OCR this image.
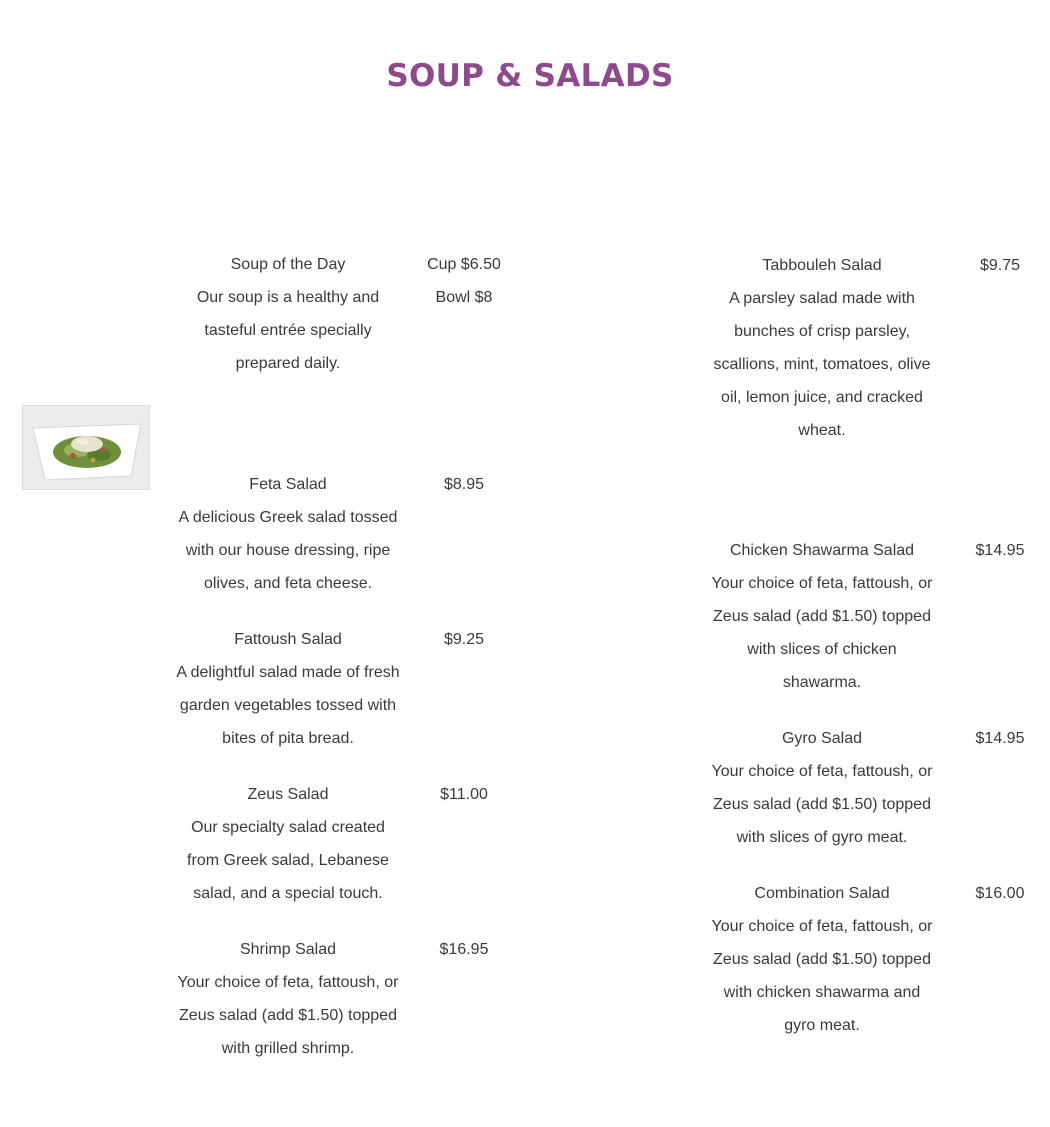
SOUP & SALADS
Soup of the Day
Our soup is a healthy and
tasteful entrée specially
prepared daily.
Cup $6.50
Bowl $8
Feta Salad
A delicious Greek salad tossed
with our house dressing, ripe
olives, and feta cheese.
$8.95
Fattoush Salad
A delightful salad made of fresh
garden vegetables tossed with
bites of pita bread.
$9.25
Zeus Salad
Our specialty salad created
from Greek salad, Lebanese
salad, and a special touch.
$11.00
Shrimp Salad
Your choice of feta, fattoush, or
Zeus salad (add $1.50) topped
with grilled shrimp.
$16.95
Tabbouleh Salad
A parsley salad made with
bunches of crisp parsley,
scallions, mint, tomatoes, olive
oil, lemon juice, and cracked
wheat.
$9.75
Chicken Shawarma Salad
Your choice of feta, fattoush, or
Zeus salad (add $1.50) topped
with slices of chicken
shawarma.
$14.95
Gyro Salad
Your choice of feta, fattoush, or
Zeus salad (add $1.50) topped
with slices of gyro meat.
$14.95
Combination Salad
Your choice of feta, fattoush, or
Zeus salad (add $1.50) topped
with chicken shawarma and
gyro meat.
$16.00
